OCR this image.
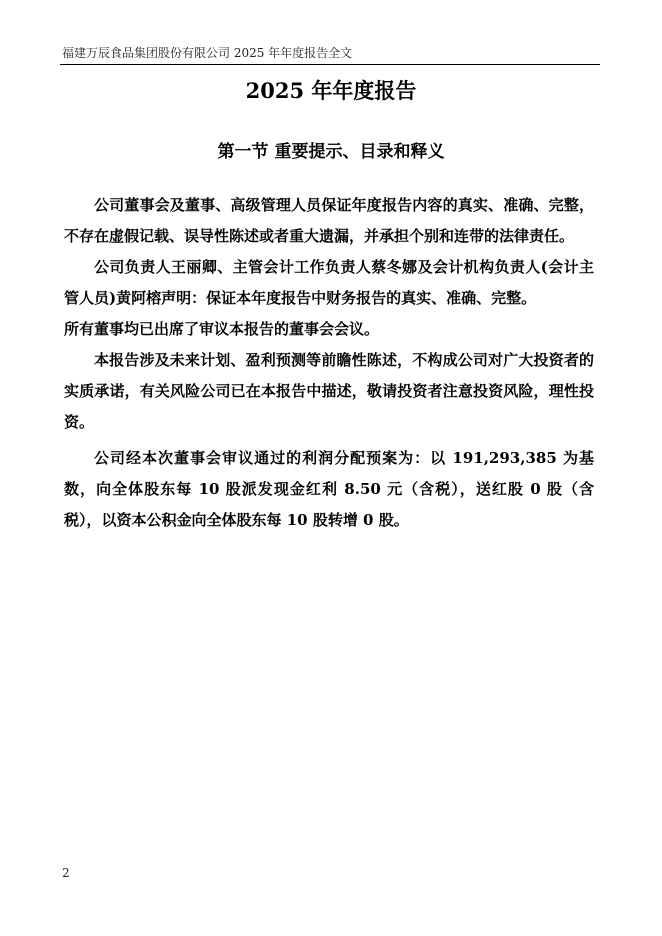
福建万辰食品集团股份有限公司 2025 年年度报告全文
2025 年年度报告
第一节 重要提示、目录和释义

公司董事会及董事、高级管理人员保证年度报告内容的真实、准确、完整，不存在虚假记载、误导性陈述或者重大遗漏，并承担个别和连带的法律责任。

公司负责人王丽卿、主管会计工作负责人蔡冬娜及会计机构负责人(会计主管人员)黄阿榕声明：保证本年度报告中财务报告的真实、准确、完整。

所有董事均已出席了审议本报告的董事会会议。

本报告涉及未来计划、盈利预测等前瞻性陈述，不构成公司对广大投资者的实质承诺，有关风险公司已在本报告中描述，敬请投资者注意投资风险，理性投资。

公司经本次董事会审议通过的利润分配预案为：以 191,293,385 为基数，向全体股东每 10 股派发现金红利 8.50 元（含税），送红股 0 股（含税），以资本公积金向全体股东每 10 股转增 0 股。

2
